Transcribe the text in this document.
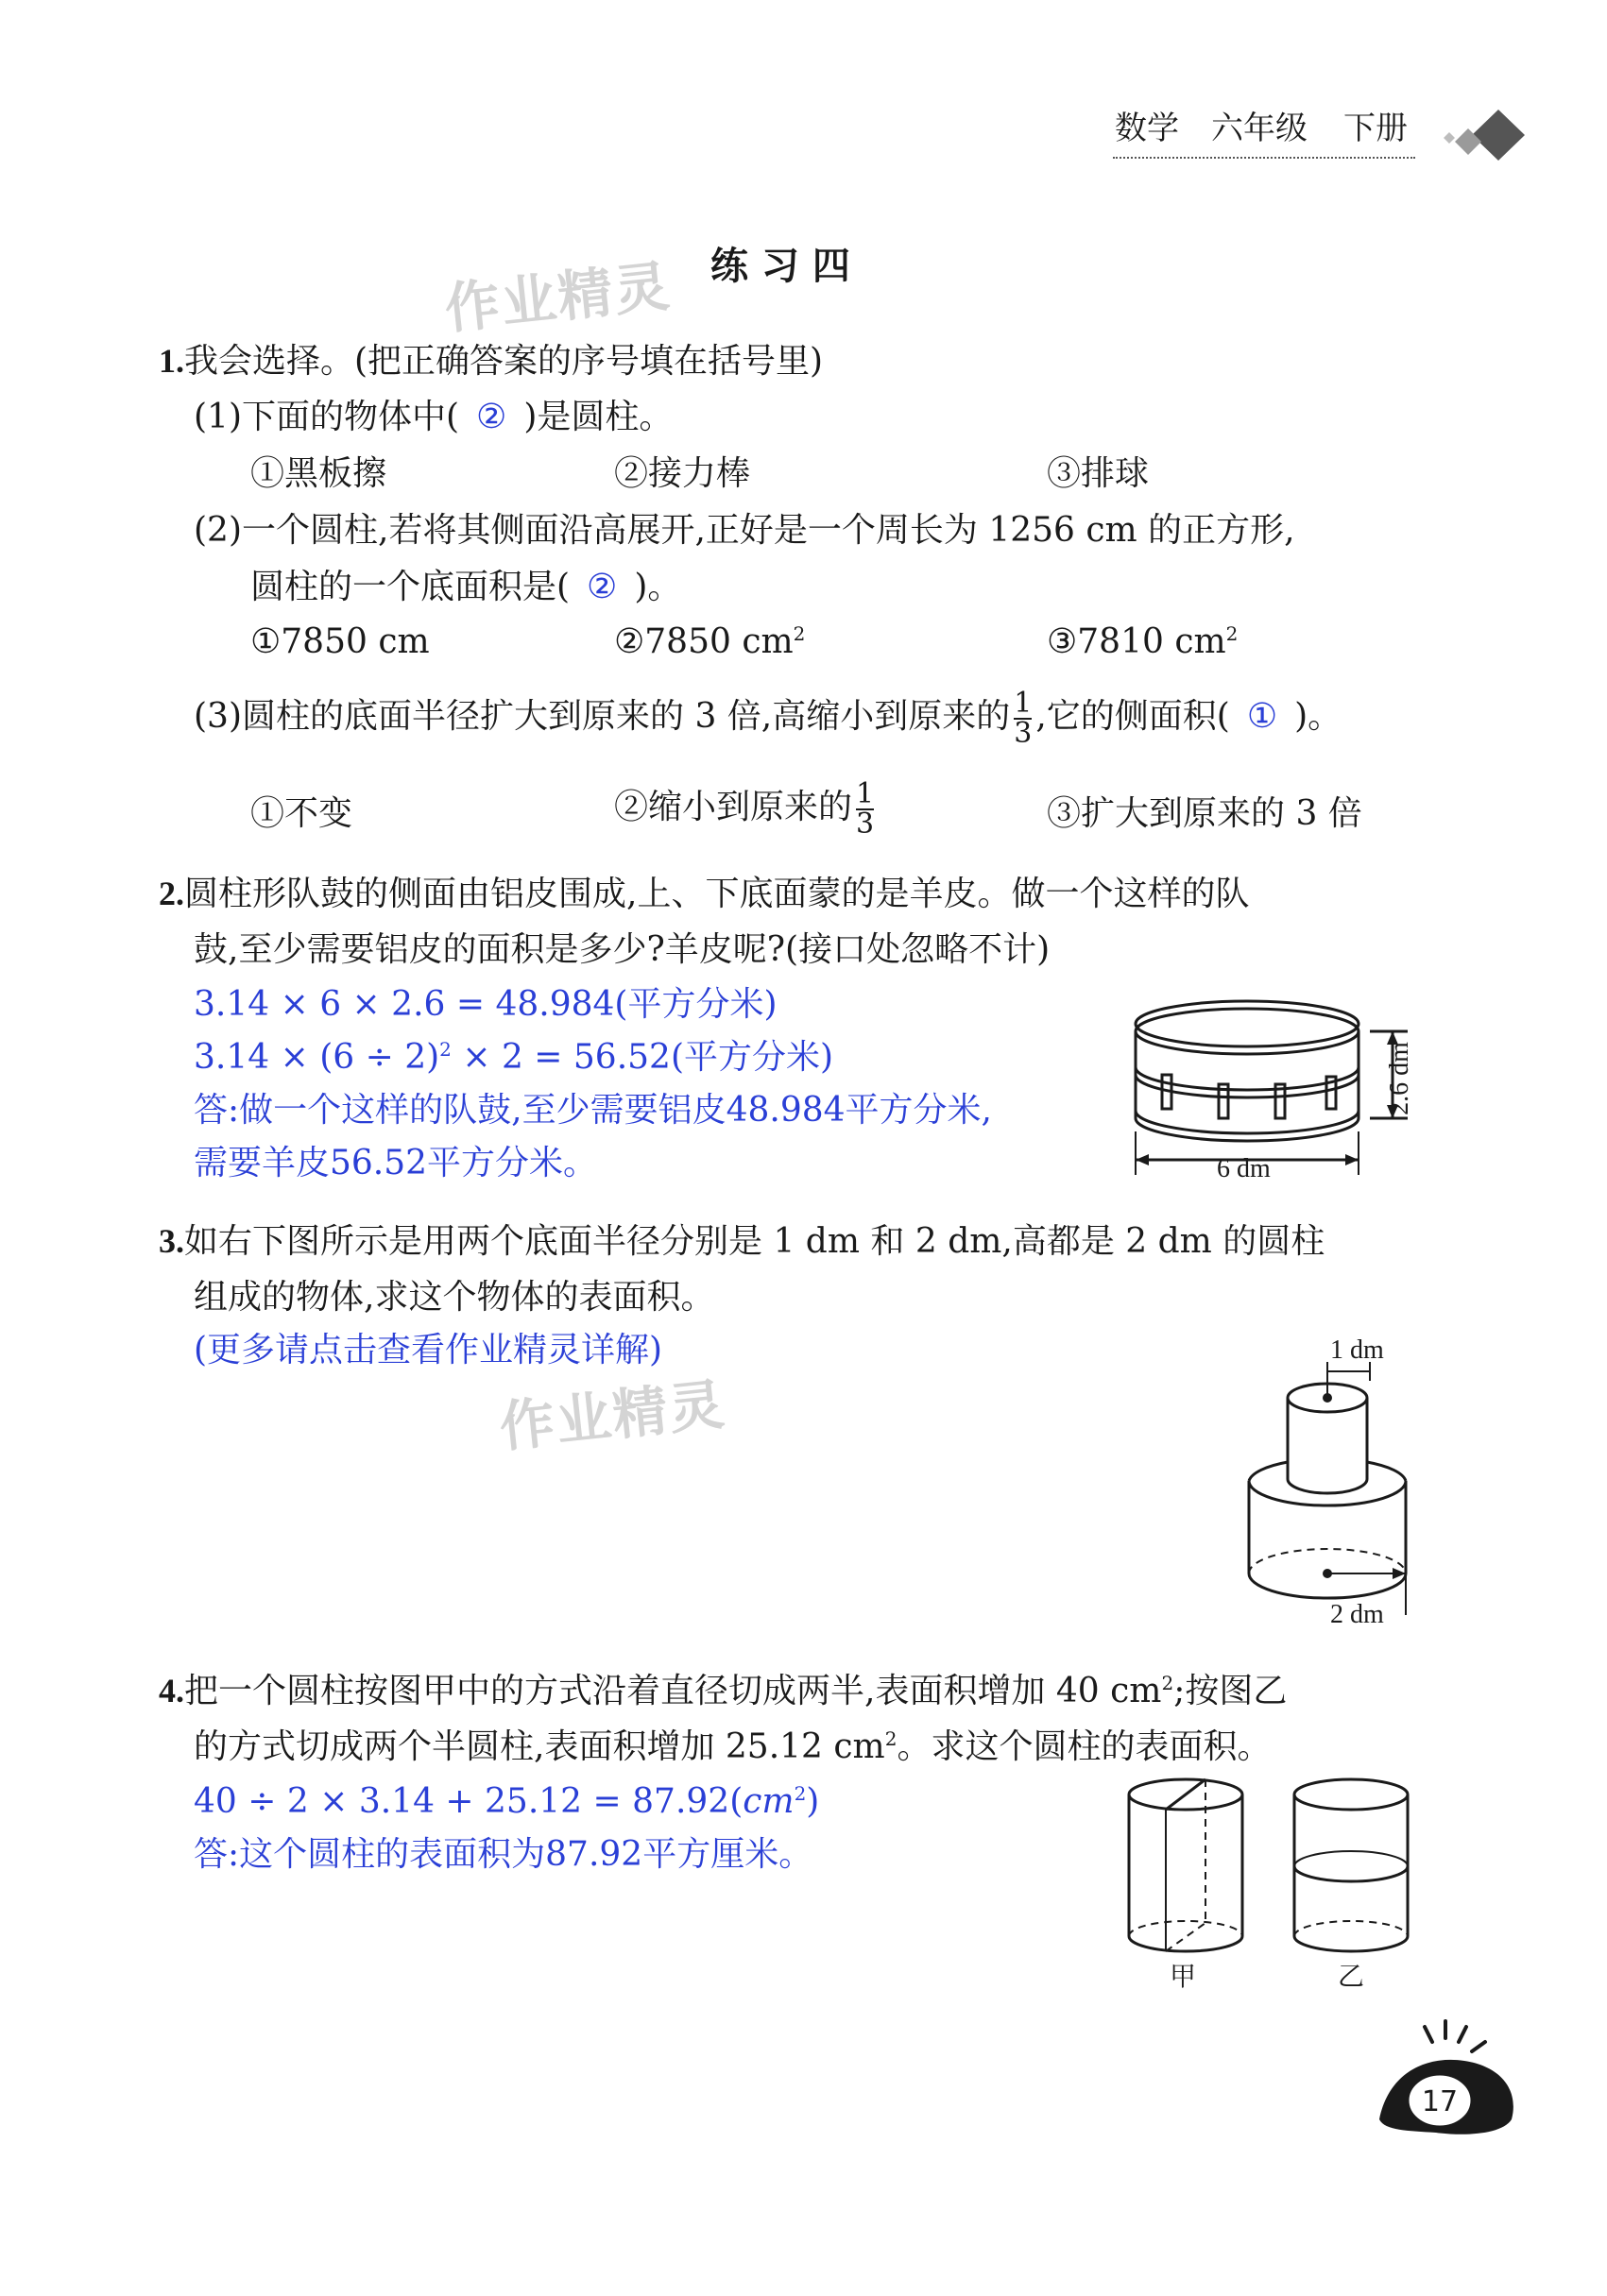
数学 六年级 下册
练 习 四
作业精灵
作业精灵
1.我会选择。(把正确答案的序号填在括号里)
(1)下面的物体中( ② )是圆柱。
①黑板擦	②接力棒	③排球
(2)一个圆柱,若将其侧面沿高展开,正好是一个周长为 1256 cm 的正方形,
圆柱的一个底面积是( ② )。
①7850 cm	②7850 $cm^2$	③7810 $cm^2$
(3)圆柱的底面半径扩大到原来的 3 倍,高缩小到原来的 $\frac{1}{3}$ ,它的侧面积( ① )。
①不变	②缩小到原来的 $\frac{1}{3}$	③扩大到原来的 3 倍
2.圆柱形队鼓的侧面由铝皮围成,上、下底面蒙的是羊皮。做一个这样的队
鼓,至少需要铝皮的面积是多少?羊皮呢?(接口处忽略不计)
3.14 × 6 × 2.6 = 48.984(平方分米)
$3.14 \times (6 \div 2)^2 \times 2 = 56.52$(平方分米)
答:做一个这样的队鼓,至少需要铝皮48.984平方分米,
需要羊皮56.52平方分米。	6 dm
2.6 dm
3.如右下图所示是用两个底面半径分别是 1 dm 和 2 dm,高都是 2 dm 的圆柱
组成的物体,求这个物体的表面积。
(更多请点击查看作业精灵详解)	1 dm
2 dm
4.把一个圆柱按图甲中的方式沿着直径切成两半,表面积增加 40 $cm^2$;按图乙
的方式切成两个半圆柱,表面积增加 25.12 $cm^2$。求这个圆柱的表面积。
$40 \div 2 \times 3.14 + 25.12 = 87.92(cm^2)$
答:这个圆柱的表面积为87.92平方厘米。
甲	乙
17
